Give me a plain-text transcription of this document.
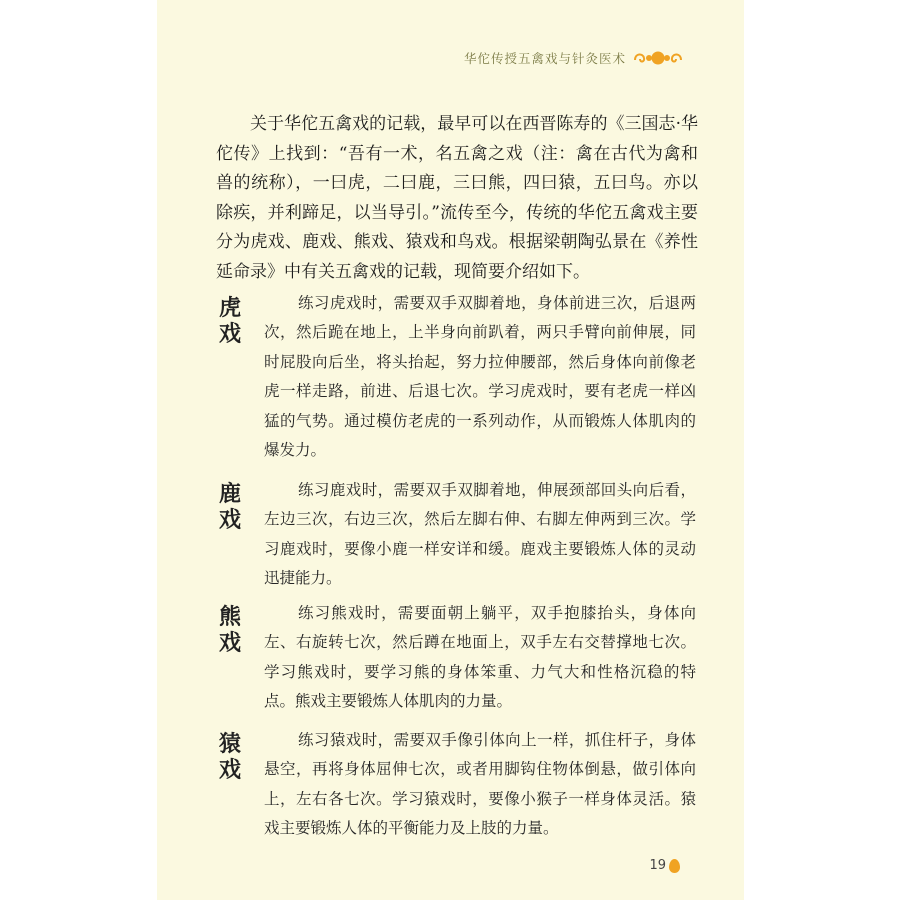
华佗传授五禽戏与针灸医术
关于华佗五禽戏的记载，最早可以在西晋陈寿的《三国志·华佗传》上找到：“吾有一术，名五禽之戏（注：禽在古代为禽和兽的统称），一曰虎，二曰鹿，三曰熊，四曰猿，五曰鸟。亦以除疾，并利蹄足，以当导引。”流传至今，传统的华佗五禽戏主要分为虎戏、鹿戏、熊戏、猿戏和鸟戏。根据梁朝陶弘景在《养性延命录》中有关五禽戏的记载，现简要介绍如下。
虎戏
练习虎戏时，需要双手双脚着地，身体前进三次，后退两次，然后跪在地上，上半身向前趴着，两只手臂向前伸展，同时屁股向后坐，将头抬起，努力拉伸腰部，然后身体向前像老虎一样走路，前进、后退七次。学习虎戏时，要有老虎一样凶猛的气势。通过模仿老虎的一系列动作，从而锻炼人体肌肉的爆发力。
鹿戏
练习鹿戏时，需要双手双脚着地，伸展颈部回头向后看，左边三次，右边三次，然后左脚右伸、右脚左伸两到三次。学习鹿戏时，要像小鹿一样安详和缓。鹿戏主要锻炼人体的灵动迅捷能力。
熊戏
练习熊戏时，需要面朝上躺平，双手抱膝抬头，身体向左、右旋转七次，然后蹲在地面上，双手左右交替撑地七次。学习熊戏时，要学习熊的身体笨重、力气大和性格沉稳的特点。熊戏主要锻炼人体肌肉的力量。
猿戏
练习猿戏时，需要双手像引体向上一样，抓住杆子，身体悬空，再将身体屈伸七次，或者用脚钩住物体倒悬，做引体向上，左右各七次。学习猿戏时，要像小猴子一样身体灵活。猿戏主要锻炼人体的平衡能力及上肢的力量。
19
